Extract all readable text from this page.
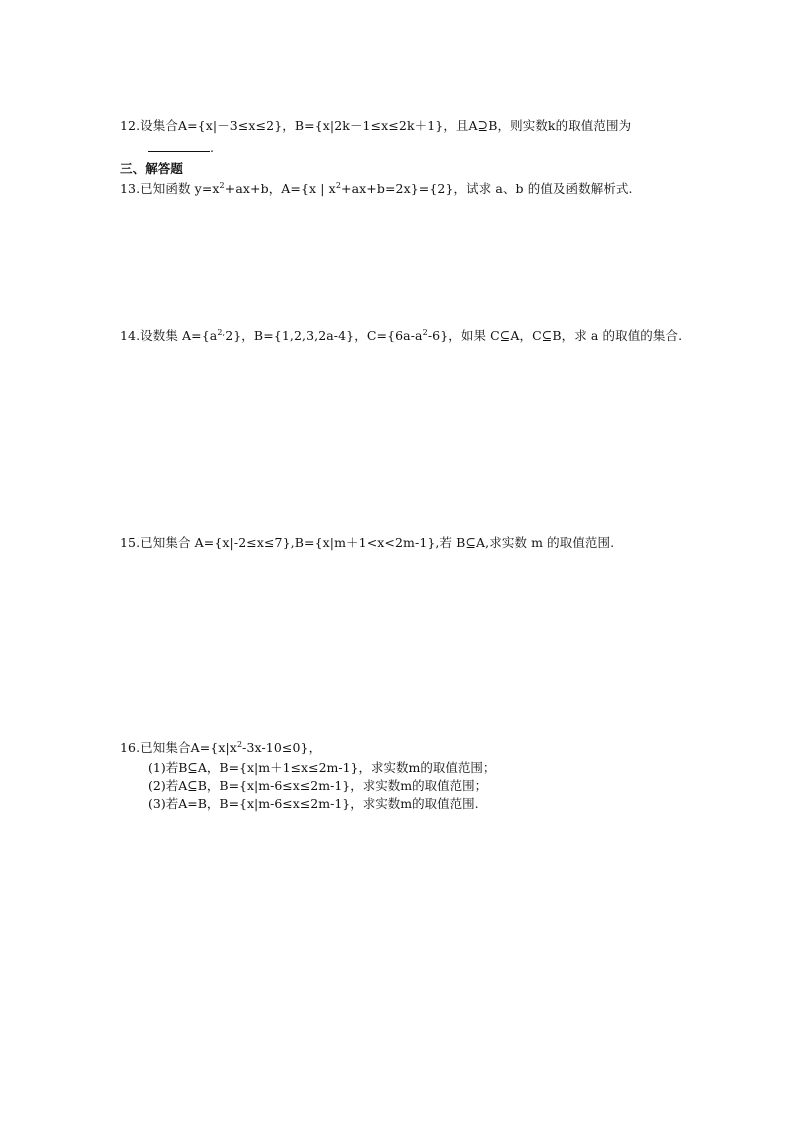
12.设集合A={x|－3≤x≤2}，B={x|2k－1≤x≤2k＋1}，且A⊇B，则实数k的取值范围为
.
三、解答题
13.已知函数 $y=x^2+ax+b$，A={x | $x^2+ax+b=2x\}=\{2\}$，试求 a、b 的值及函数解析式.
14.设数集 $A=\{a^{2,}2\}$，B={1,2,3,2a-4}，$C=\{6a-a^2-6\}$，如果 C⊆A，C⊆B，求 a 的取值的集合.
15.已知集合 A={x|-2≤x≤7},B={x|m＋1<x<2m-1},若 B⊆A,求实数 m 的取值范围.
16.已知集合$A=\{x|x^2-3x-10\le 0\}$，
(1)若B⊆A，B={x|m＋1≤x≤2m-1}，求实数m的取值范围；
(2)若A⊆B，B={x|m-6≤x≤2m-1}，求实数m的取值范围；
(3)若A=B，B={x|m-6≤x≤2m-1}，求实数m的取值范围.
